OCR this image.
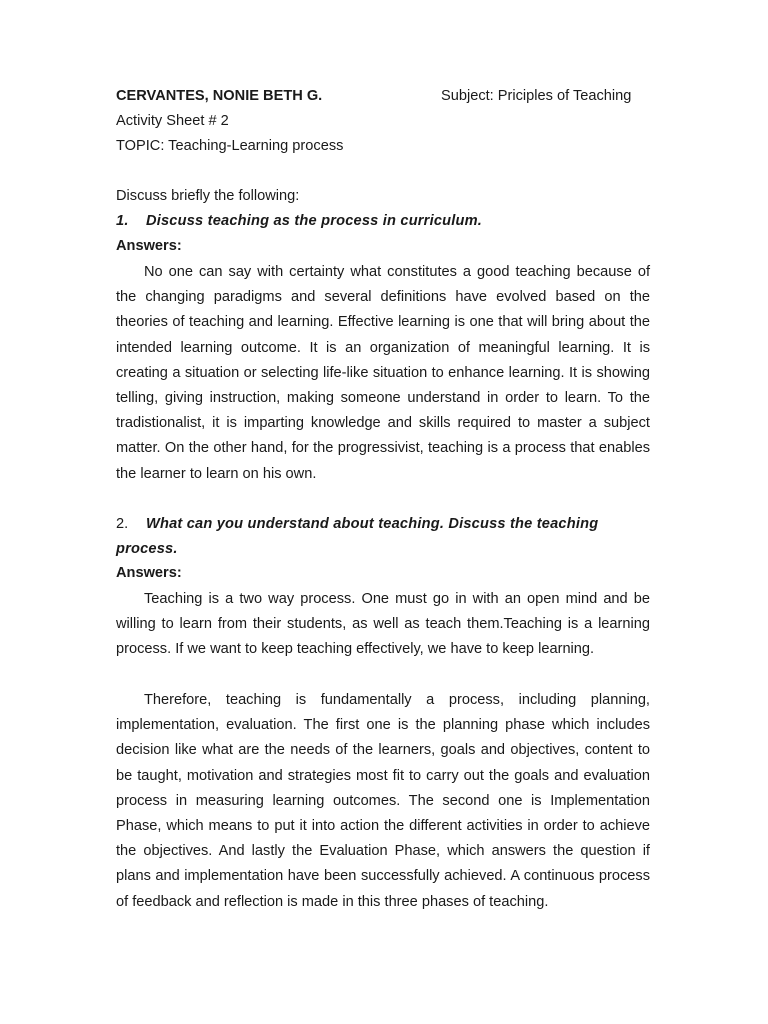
CERVANTES, NONIE BETH G.	Subject: Priciples of Teaching

Activity Sheet # 2

TOPIC: Teaching-Learning process

Discuss briefly the following:

1. Discuss teaching as the process in curriculum.

Answers:

No one can say with certainty what constitutes a good teaching because of the changing paradigms and several definitions have evolved based on the theories of teaching and learning. Effective learning is one that will bring about the intended learning outcome. It is an organization of meaningful learning. It is creating a situation or selecting life-like situation to enhance learning. It is showing telling, giving instruction, making someone understand in order to learn. To the tradistionalist, it is imparting knowledge and skills required to master a subject matter. On the other hand, for the progressivist, teaching is a process that enables the learner to learn on his own.

2. What can you understand about teaching. Discuss the teaching

process.

Answers:

Teaching is a two way process. One must go in with an open mind and be willing to learn from their students, as well as teach them.Teaching is a learning process. If we want to keep teaching effectively, we have to keep learning.

Therefore, teaching is fundamentally a process, including planning, implementation, evaluation. The first one is the planning phase which includes decision like what are the needs of the learners, goals and objectives, content to be taught, motivation and strategies most fit to carry out the goals and evaluation process in measuring learning outcomes. The second one is Implementation Phase, which means to put it into action the different activities in order to achieve the objectives. And lastly the Evaluation Phase, which answers the question if plans and implementation have been successfully achieved. A continuous process of feedback and reflection is made in this three phases of teaching.
